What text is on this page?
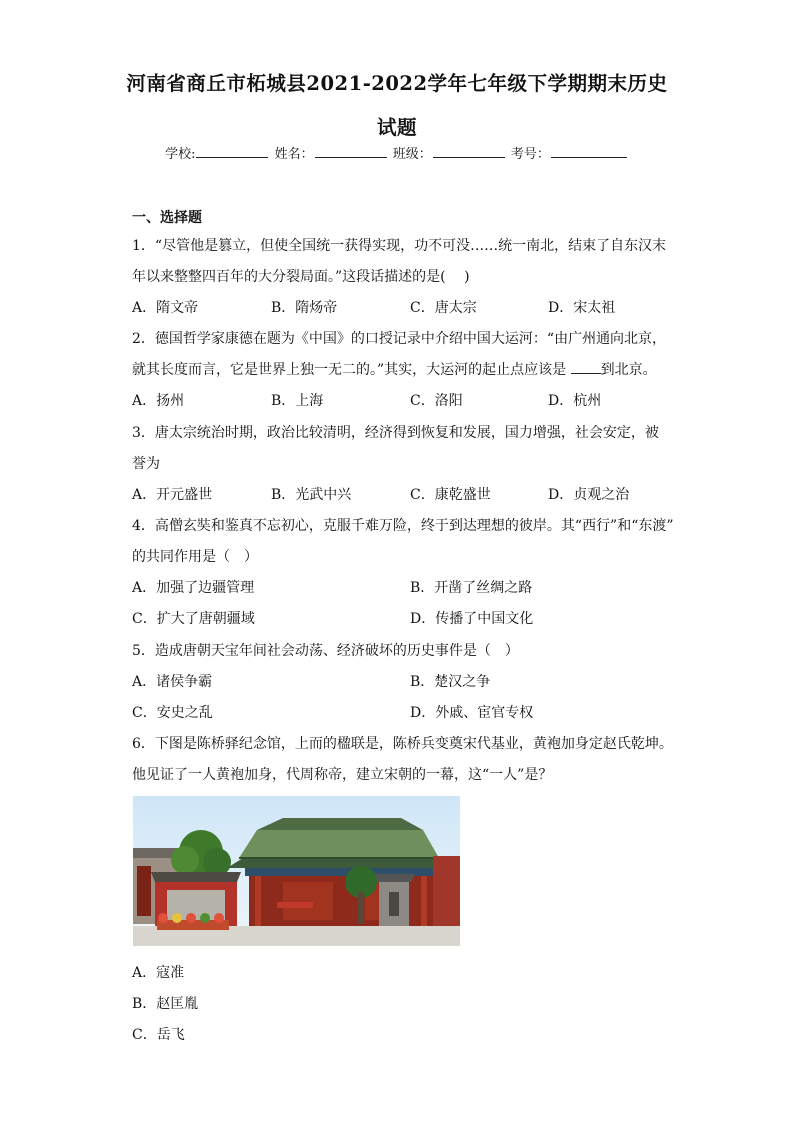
河南省商丘市柘城县2021-2022学年七年级下学期期末历史
试题
学校:	姓名：	班级：	考号：
一、选择题
1．“尽管他是篡立，但使全国统一获得实现，功不可没……统一南北，结束了自东汉末
年以来整整四百年的大分裂局面。”这段话描述的是(　 )
A．隋文帝	B．隋炀帝	C．唐太宗	D．宋太祖
2．德国哲学家康德在题为《中国》的口授记录中介绍中国大运河：“由广州通向北京，
就其长度而言，它是世界上独一无二的。”其实，大运河的起止点应该是 到北京。
A．扬州	B．上海	C．洛阳	D．杭州
3．唐太宗统治时期，政治比较清明，经济得到恢复和发展，国力增强，社会安定，被
誉为
A．开元盛世	B．光武中兴	C．康乾盛世	D．贞观之治
4．高僧玄奘和鉴真不忘初心，克服千难万险，终于到达理想的彼岸。其“西行”和“东渡”
的共同作用是（　）
A．加强了边疆管理	B．开凿了丝绸之路
C．扩大了唐朝疆域	D．传播了中国文化
5．造成唐朝天宝年间社会动荡、经济破坏的历史事件是（　）
A．诸侯争霸	B．楚汉之争
C．安史之乱	D．外戚、宦官专权
6．下图是陈桥驿纪念馆，上而的楹联是，陈桥兵变奠宋代基业，黄袍加身定赵氏乾坤。
他见证了一人黄袍加身，代周称帝，建立宋朝的一幕，这“一人”是？
A．寇准
B．赵匡胤
C．岳飞
